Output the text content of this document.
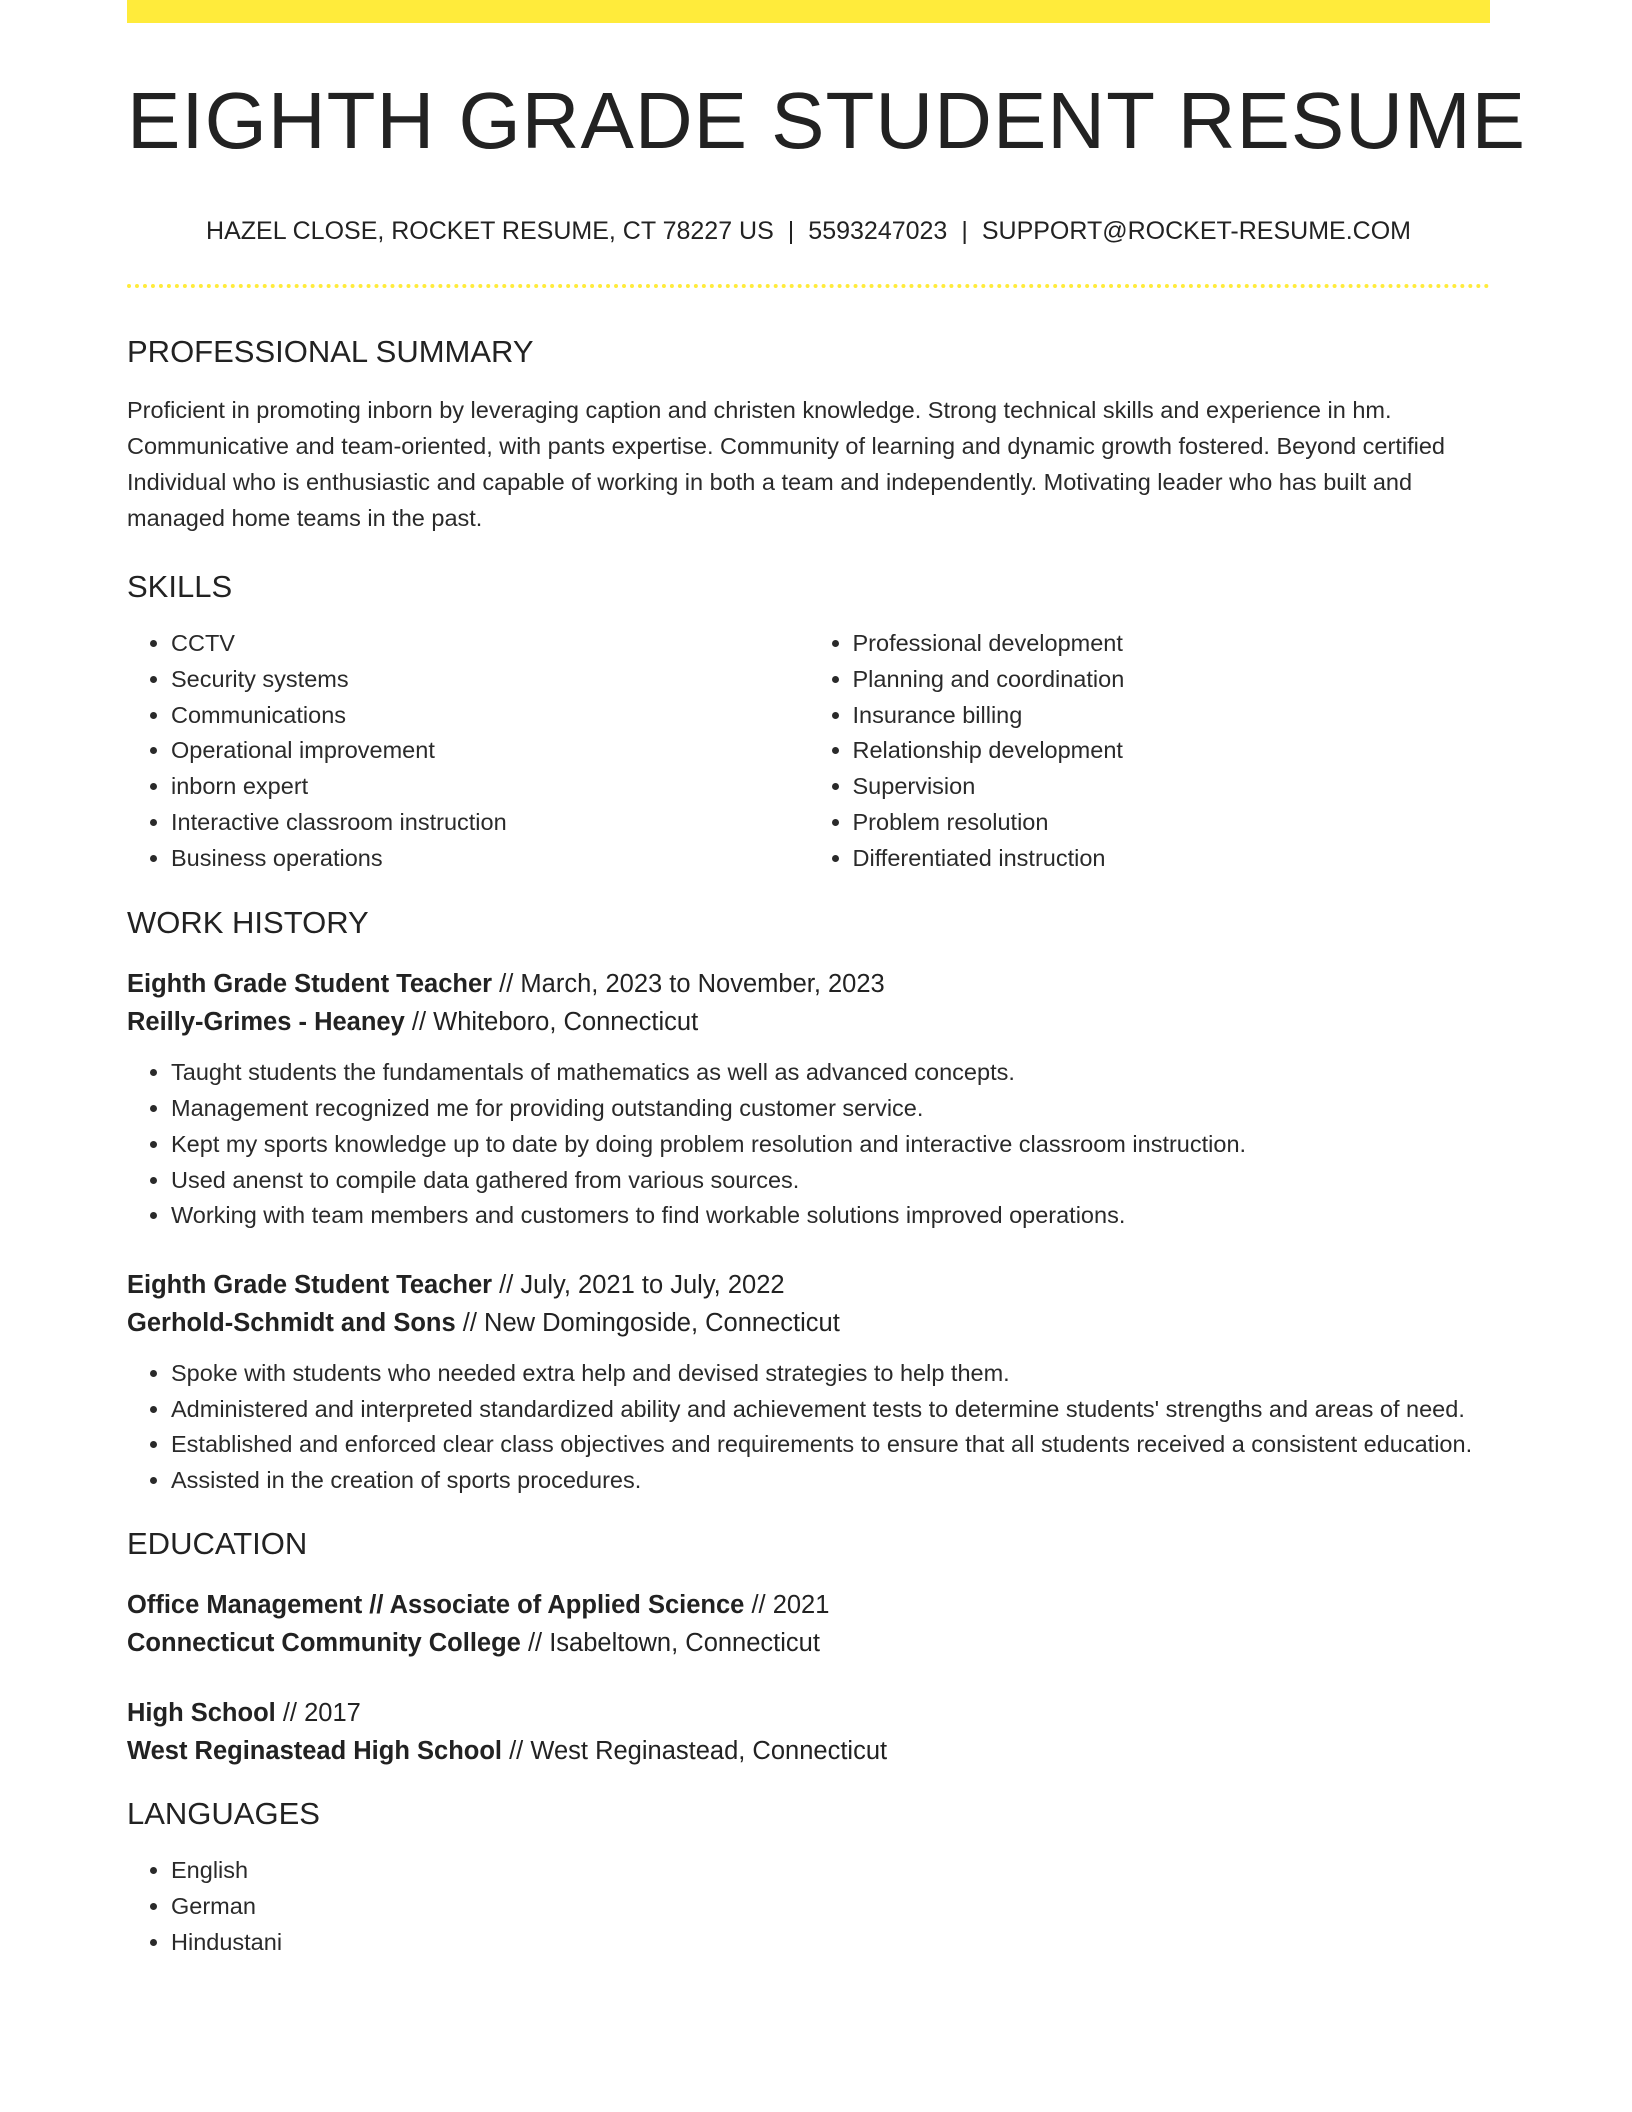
EIGHTH GRADE STUDENT RESUME
HAZEL CLOSE, ROCKET RESUME, CT 78227 US | 5593247023 | SUPPORT@ROCKET-RESUME.COM
PROFESSIONAL SUMMARY

Proficient in promoting inborn by leveraging caption and christen knowledge. Strong technical skills and experience in hm. Communicative and team-oriented, with pants expertise. Community of learning and dynamic growth fostered. Beyond certified Individual who is enthusiastic and capable of working in both a team and independently. Motivating leader who has built and managed home teams in the past.

SKILLS
• CCTV
• Security systems
• Communications
• Operational improvement
• inborn expert
• Interactive classroom instruction
• Business operations
• Professional development
• Planning and coordination
• Insurance billing
• Relationship development
• Supervision
• Problem resolution
• Differentiated instruction
WORK HISTORY
Eighth Grade Student Teacher // March, 2023 to November, 2023
Reilly-Grimes - Heaney // Whiteboro, Connecticut
• Taught students the fundamentals of mathematics as well as advanced concepts.
• Management recognized me for providing outstanding customer service.
• Kept my sports knowledge up to date by doing problem resolution and interactive classroom instruction.
• Used anenst to compile data gathered from various sources.
• Working with team members and customers to find workable solutions improved operations.
Eighth Grade Student Teacher // July, 2021 to July, 2022
Gerhold-Schmidt and Sons // New Domingoside, Connecticut
• Spoke with students who needed extra help and devised strategies to help them.
• Administered and interpreted standardized ability and achievement tests to determine students' strengths and areas of need.
• Established and enforced clear class objectives and requirements to ensure that all students received a consistent education.
• Assisted in the creation of sports procedures.
EDUCATION
Office Management // Associate of Applied Science // 2021
Connecticut Community College // Isabeltown, Connecticut
High School // 2017
West Reginastead High School // West Reginastead, Connecticut
LANGUAGES
• English
• German
• Hindustani
